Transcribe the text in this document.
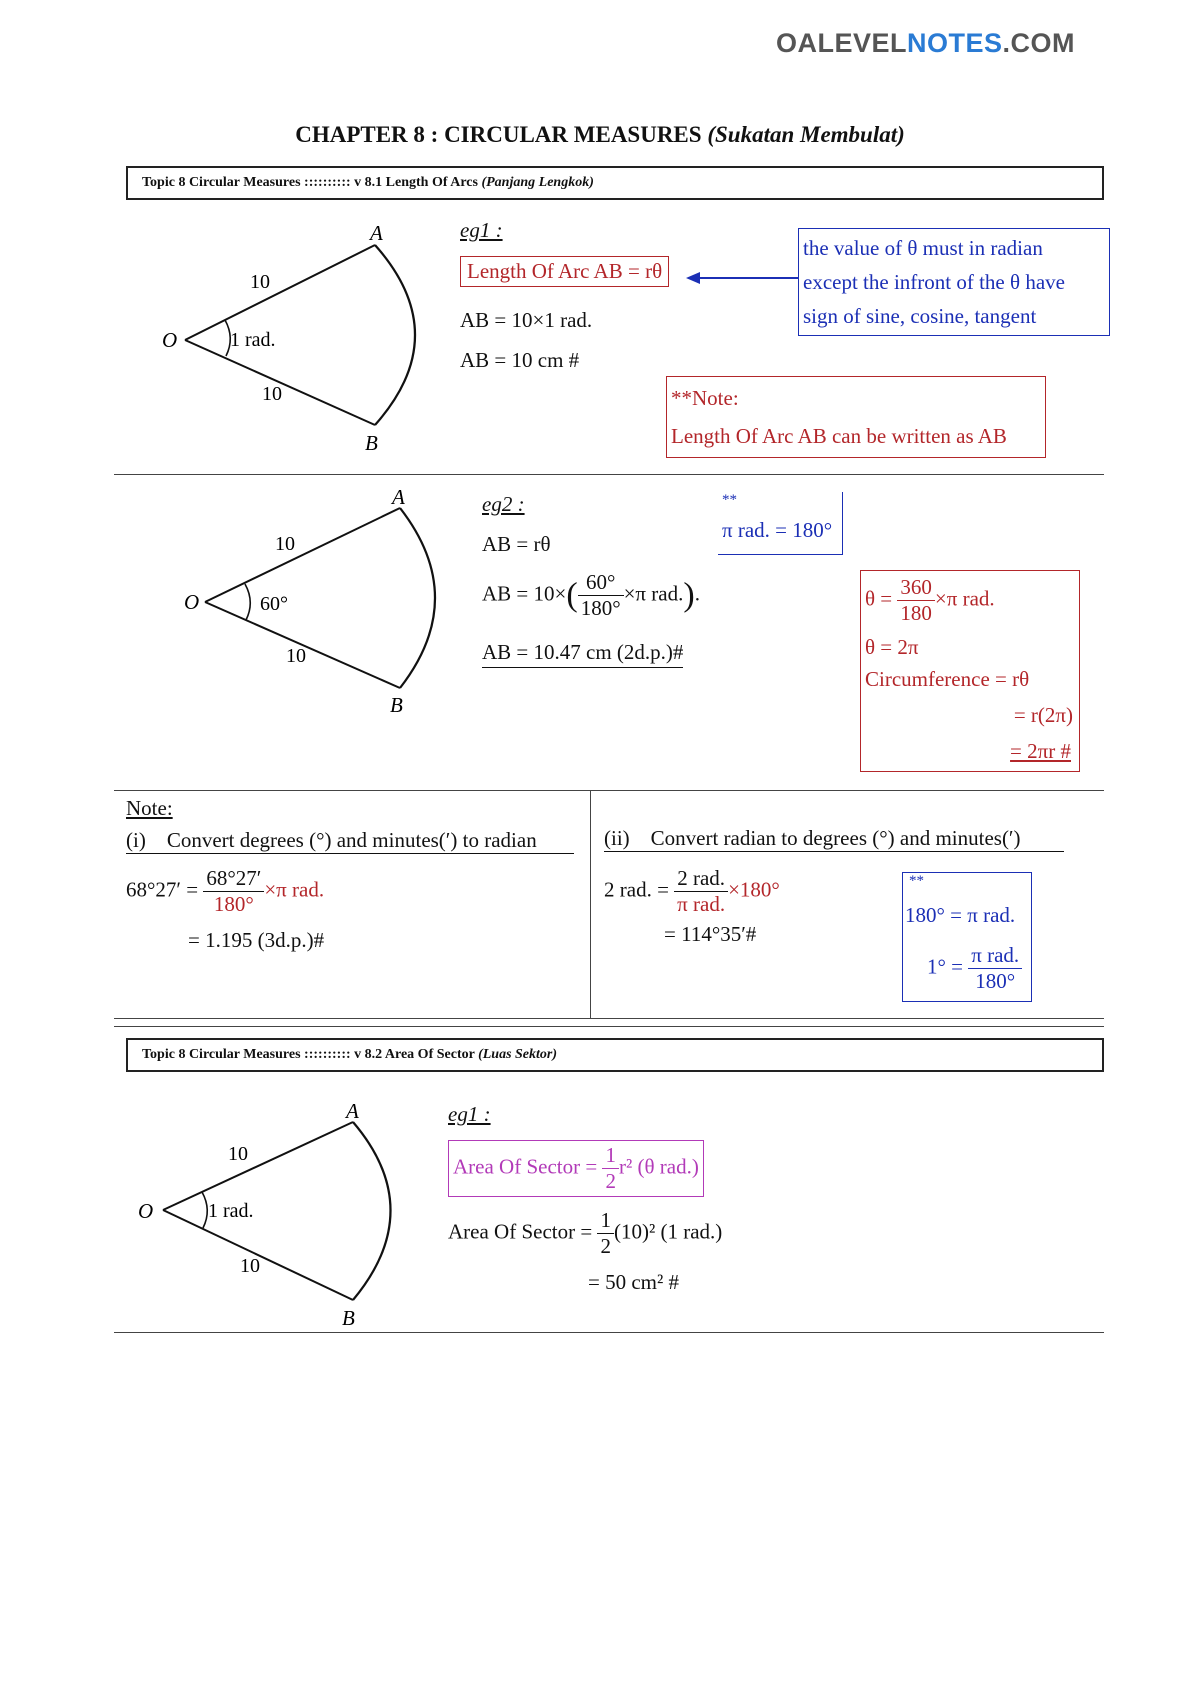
OALEVELNOTES.COM
CHAPTER 8 : CIRCULAR MEASURES (Sukatan Membulat)
Topic 8 Circular Measures :::::::::: v 8.1 Length Of Arcs (Panjang Lengkok)
O
A
B
10
10
1 rad.
eg1 :
Length Of Arc AB = rθ
AB = 10×1 rad.
AB = 10 cm #
the value of θ must in radian
except the infront of the θ have
sign of sine, cosine, tangent
**Note:
Length Of Arc AB can be written as AB
O
A
B
10
10
60°
eg2 :
AB = rθ
AB = $10\times( \frac{60^\circ}{180^\circ} \times\pi$ rad.).
AB = 10.47 cm (2d.p.)#
**
π rad. = 180°
$\theta = \frac{360}{180} \times\pi$ rad.
θ = 2π
Circumference = rθ
= r(2π)
= 2πr #
Note:
(i)    Convert degrees (°) and minutes(′) to radian
$68^\circ 27' = \frac{68^\circ 27'}{180^\circ} \times\pi$ rad.
= 1.195 (3d.p.)#
(ii)    Convert radian to degrees (°) and minutes(′)
2 rad. = $\frac{\text{2 rad.}}{\text{π rad.}} \times 180^\circ$
= 114°35′#
**
180° = π rad.
$1^\circ = \frac{\text{π rad.}}{180^\circ}$
Topic 8 Circular Measures :::::::::: v 8.2 Area Of Sector (Luas Sektor)
O
A
B
10
10
1 rad.
eg1 :
Area Of Sector = $\frac{1}{2} r^2$ (θ rad.)
Area Of Sector = $\frac{1}{2} (10)^2$ (1 rad.)
= 50 cm² #
